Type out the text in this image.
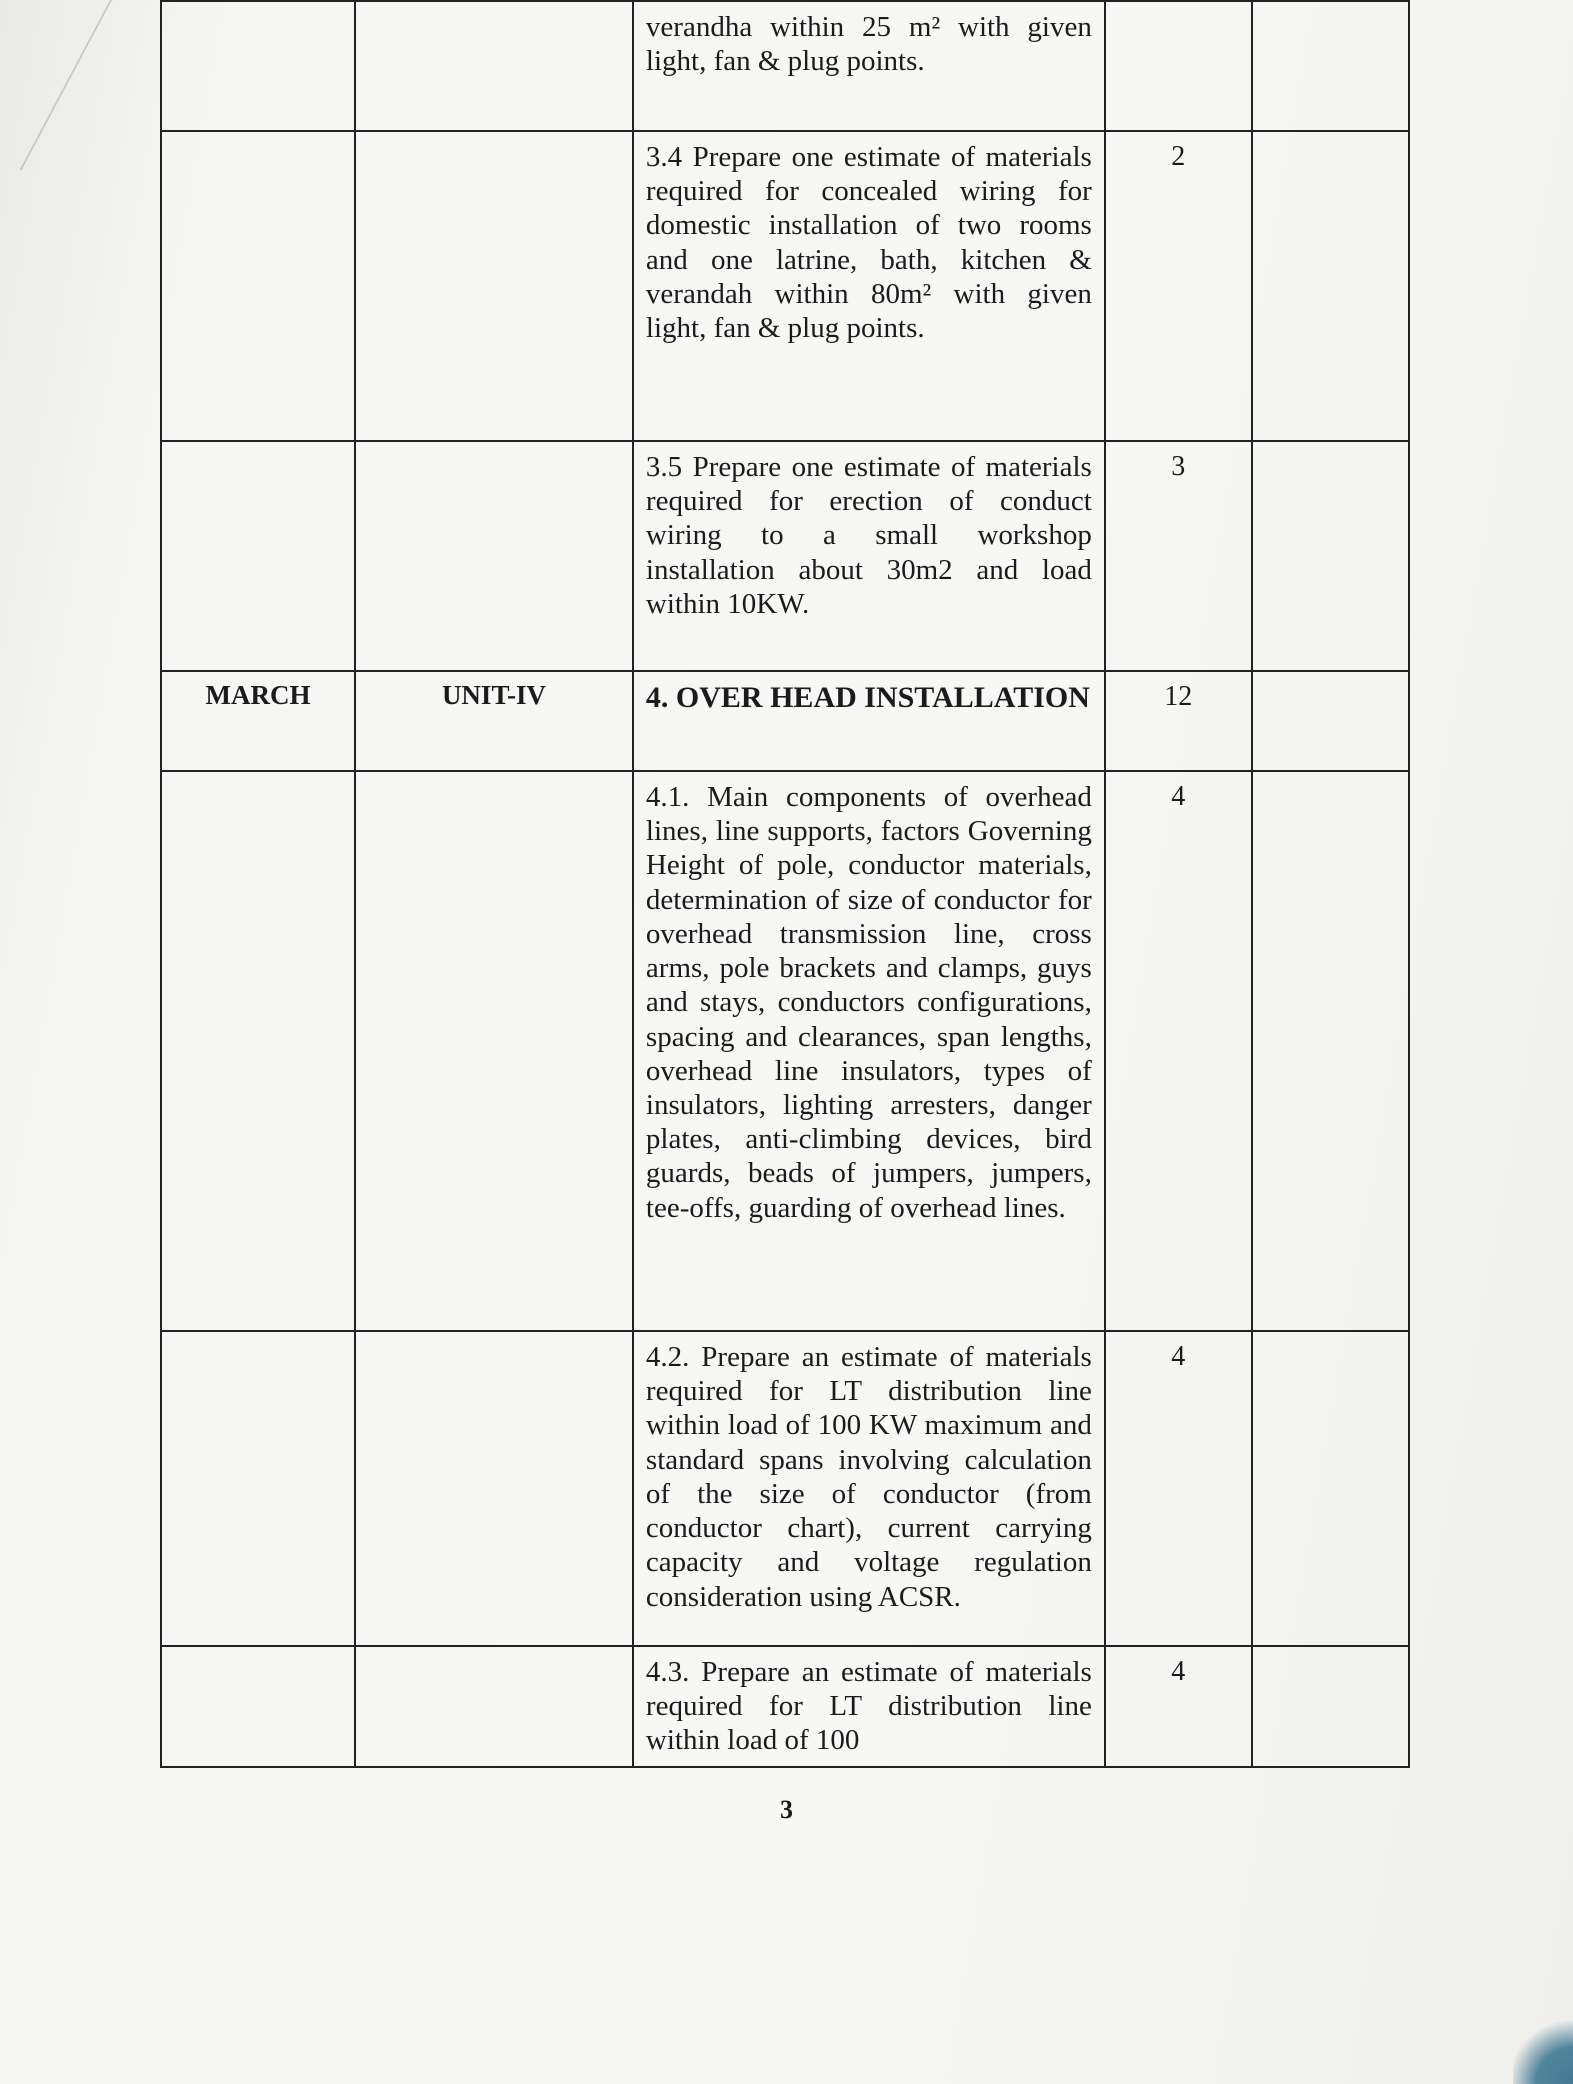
		verandha within 25 m² with given light, fan & plug points.		
		3.4 Prepare one estimate of materials required for concealed wiring for domestic installation of two rooms and one latrine, bath, kitchen & verandah within 80m² with given light, fan & plug points.	2	
		3.5 Prepare one estimate of materials required for erection of conduct wiring to a small workshop installation about 30m2 and load within 10KW.	3	
MARCH	UNIT-IV	4. OVER HEAD INSTALLATION	12	
		4.1. Main components of overhead lines, line supports, factors Governing Height of pole, conductor materials, determination of size of conductor for overhead transmission line, cross arms, pole brackets and clamps, guys and stays, conductors configurations, spacing and clearances, span lengths, overhead line insulators, types of insulators, lighting arresters, danger plates, anti-climbing devices, bird guards, beads of jumpers, jumpers, tee-offs, guarding of overhead lines.	4	
		4.2. Prepare an estimate of materials required for LT distribution line within load of 100 KW maximum and standard spans involving calculation of the size of conductor (from conductor chart), current carrying capacity and voltage regulation consideration using ACSR.	4	
		4.3. Prepare an estimate of materials required for LT distribution line within load of 100	4	
3
